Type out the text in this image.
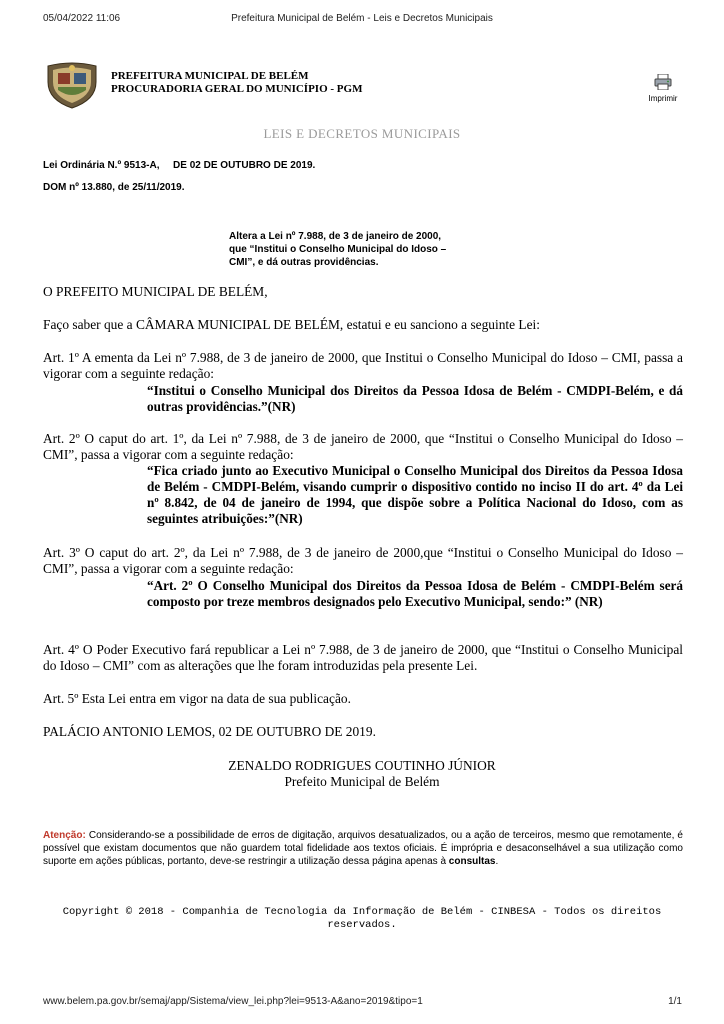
05/04/2022 11:06	Prefeitura Municipal de Belém - Leis e Decretos Municipais
PREFEITURA MUNICIPAL DE BELÉM
PROCURADORIA GERAL DO MUNICÍPIO - PGM
Imprimir
LEIS E DECRETOS MUNICIPAIS
Lei Ordinária N.º 9513-A, DE 02 DE OUTUBRO DE 2019.
DOM nº 13.880, de 25/11/2019.
Altera a Lei nº 7.988, de 3 de janeiro de 2000,
que “Institui o Conselho Municipal do Idoso –
CMI”, e dá outras providências.
O PREFEITO MUNICIPAL DE BELÉM,
Faço saber que a CÂMARA MUNICIPAL DE BELÉM, estatui e eu sanciono a seguinte Lei:
Art. 1º A ementa da Lei nº 7.988, de 3 de janeiro de 2000, que Institui o Conselho Municipal do Idoso – CMI, passa a vigorar com a seguinte redação:
“Institui o Conselho Municipal dos Direitos da Pessoa Idosa de Belém - CMDPI-Belém, e dá outras providências.”(NR)
Art. 2º O caput do art. 1º, da Lei nº 7.988, de 3 de janeiro de 2000, que “Institui o Conselho Municipal do Idoso – CMI”, passa a vigorar com a seguinte redação:
“Fica criado junto ao Executivo Municipal o Conselho Municipal dos Direitos da Pessoa Idosa de Belém - CMDPI-Belém, visando cumprir o dispositivo contido no inciso II do art. 4º da Lei nº 8.842, de 04 de janeiro de 1994, que dispõe sobre a Política Nacional do Idoso, com as seguintes atribuições:”(NR)
Art. 3º O caput do art. 2º, da Lei nº 7.988, de 3 de janeiro de 2000,que “Institui o Conselho Municipal do Idoso – CMI”, passa a vigorar com a seguinte redação:
“Art. 2º O Conselho Municipal dos Direitos da Pessoa Idosa de Belém - CMDPI-Belém será composto por treze membros designados pelo Executivo Municipal, sendo:” (NR)
Art. 4º O Poder Executivo fará republicar a Lei nº 7.988, de 3 de janeiro de 2000, que “Institui o Conselho Municipal do Idoso – CMI” com as alterações que lhe foram introduzidas pela presente Lei.
Art. 5º Esta Lei entra em vigor na data de sua publicação.
PALÁCIO ANTONIO LEMOS, 02 DE OUTUBRO DE 2019.
ZENALDO RODRIGUES COUTINHO JÚNIOR
Prefeito Municipal de Belém
Atenção: Considerando-se a possibilidade de erros de digitação, arquivos desatualizados, ou a ação de terceiros, mesmo que remotamente, é possível que existam documentos que não guardem total fidelidade aos textos oficiais. É imprópria e desaconselhável a sua utilização como suporte em ações públicas, portanto, deve-se restringir a utilização dessa página apenas à consultas.
Copyright © 2018 - Companhia de Tecnologia da Informação de Belém - CINBESA - Todos os direitos reservados.
www.belem.pa.gov.br/semaj/app/Sistema/view_lei.php?lei=9513-A&ano=2019&tipo=1	1/1
